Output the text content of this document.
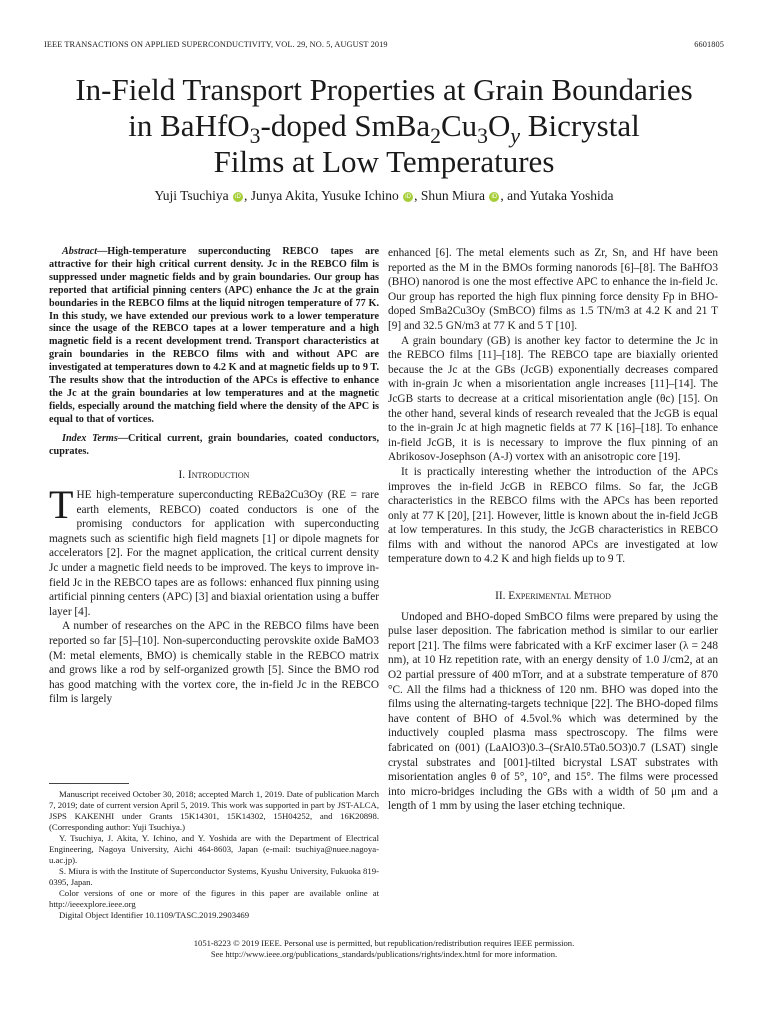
IEEE TRANSACTIONS ON APPLIED SUPERCONDUCTIVITY, VOL. 29, NO. 5, AUGUST 2019	6601805
In-Field Transport Properties at Grain Boundaries
in BaHfO$_3$-doped $SmBa_2Cu_3O_y$ Bicrystal
Films at Low Temperatures
Yuji Tsuchiya iD , Junya Akita, Yusuke Ichino iD , Shun Miura iD , and Yutaka Yoshida

Abstract—High-temperature superconducting REBCO tapes are attractive for their high critical current density. Jc in the REBCO film is suppressed under magnetic fields and by grain boundaries. Our group has reported that artificial pinning centers (APC) enhance the Jc at the grain boundaries in the REBCO films at the liquid nitrogen temperature of 77 K. In this study, we have extended our previous work to a lower temperature since the usage of the REBCO tapes at a lower temperature and a high magnetic field is a recent development trend. Transport characteristics at grain boundaries in the REBCO films with and without APC are investigated at temperatures down to 4.2 K and at magnetic fields up to 9 T. The results show that the introduction of the APCs is effective to enhance the Jc at the grain boundaries at low temperatures and at the magnetic fields, especially around the matching field where the density of the APC is equal to that of vortices.

Index Terms—Critical current, grain boundaries, coated conductors, cuprates.

I. Introduction

THE high-temperature superconducting REBa2Cu3Oy (RE = rare earth elements, REBCO) coated conductors is one of the promising conductors for application with superconducting magnets such as scientific high field magnets [1] or dipole magnets for accelerators [2]. For the magnet application, the critical current density Jc under a magnetic field needs to be improved. The keys to improve in-field Jc in the REBCO tapes are as follows: enhanced flux pinning using artificial pinning centers (APC) [3] and biaxial orientation using a buffer layer [4].

A number of researches on the APC in the REBCO films have been reported so far [5]–[10]. Non-superconducting perovskite oxide BaMO3 (M: metal elements, BMO) is chemically stable in the REBCO matrix and grows like a rod by self-organized growth [5]. Since the BMO rod has good matching with the vortex core, the in-field Jc in the REBCO film is largely

Manuscript received October 30, 2018; accepted March 1, 2019. Date of publication March 7, 2019; date of current version April 5, 2019. This work was supported in part by JST-ALCA, JSPS KAKENHI under Grants 15K14301, 15K14302, 15H04252, and 16K20898. (Corresponding author: Yuji Tsuchiya.)

Y. Tsuchiya, J. Akita, Y. Ichino, and Y. Yoshida are with the Department of Electrical Engineering, Nagoya University, Aichi 464-8603, Japan (e-mail: tsuchiya@nuee.nagoya-u.ac.jp).

S. Miura is with the Institute of Superconductor Systems, Kyushu University, Fukuoka 819-0395, Japan.

Color versions of one or more of the figures in this paper are available online at http://ieeexplore.ieee.org

Digital Object Identifier 10.1109/TASC.2019.2903469

enhanced [6]. The metal elements such as Zr, Sn, and Hf have been reported as the M in the BMOs forming nanorods [6]–[8]. The BaHfO3 (BHO) nanorod is one the most effective APC to enhance the in-field Jc. Our group has reported the high flux pinning force density Fp in BHO-doped SmBa2Cu3Oy (SmBCO) films as 1.5 TN/m3 at 4.2 K and 21 T [9] and 32.5 GN/m3 at 77 K and 5 T [10].

A grain boundary (GB) is another key factor to determine the Jc in the REBCO films [11]–[18]. The REBCO tape are biaxially oriented because the Jc at the GBs (JcGB) exponentially decreases compared with in-grain Jc when a misorientation angle increases [11]–[14]. The JcGB starts to decrease at a critical misorientation angle (θc) [15]. On the other hand, several kinds of research revealed that the JcGB is equal to the in-grain Jc at high magnetic fields at 77 K [16]–[18]. To enhance in-field JcGB, it is is necessary to improve the flux pinning of an Abrikosov-Josephson (A-J) vortex with an anisotropic core [19].

It is practically interesting whether the introduction of the APCs improves the in-field JcGB in REBCO films. So far, the JcGB characteristics in the REBCO films with the APCs has been reported only at 77 K [20], [21]. However, little is known about the in-field JcGB at low temperatures. In this study, the JcGB characteristics in REBCO films with and without the nanorod APCs are investigated at low temperature down to 4.2 K and high fields up to 9 T.

II. Experimental Method

Undoped and BHO-doped SmBCO films were prepared by using the pulse laser deposition. The fabrication method is similar to our earlier report [21]. The films were fabricated with a KrF excimer laser (λ = 248 nm), at 10 Hz repetition rate, with an energy density of 1.0 J/cm2, at an O2 partial pressure of 400 mTorr, and at a substrate temperature of 870 °C. All the films had a thickness of 120 nm. BHO was doped into the films using the alternating-targets technique [22]. The BHO-doped films have content of BHO of 4.5vol.% which was determined by the inductively coupled plasma mass spectroscopy. The films were fabricated on (001) (LaAlO3)0.3–(SrAl0.5Ta0.5O3)0.7 (LSAT) single crystal substrates and [001]-tilted bicrystal LSAT substrates with misorientation angles θ of 5°, 10°, and 15°. The films were processed into micro-bridges including the GBs with a width of 50 μm and a length of 1 mm by using the laser etching technique.

1051-8223 © 2019 IEEE. Personal use is permitted, but republication/redistribution requires IEEE permission.
See http://www.ieee.org/publications_standards/publications/rights/index.html for more information.
